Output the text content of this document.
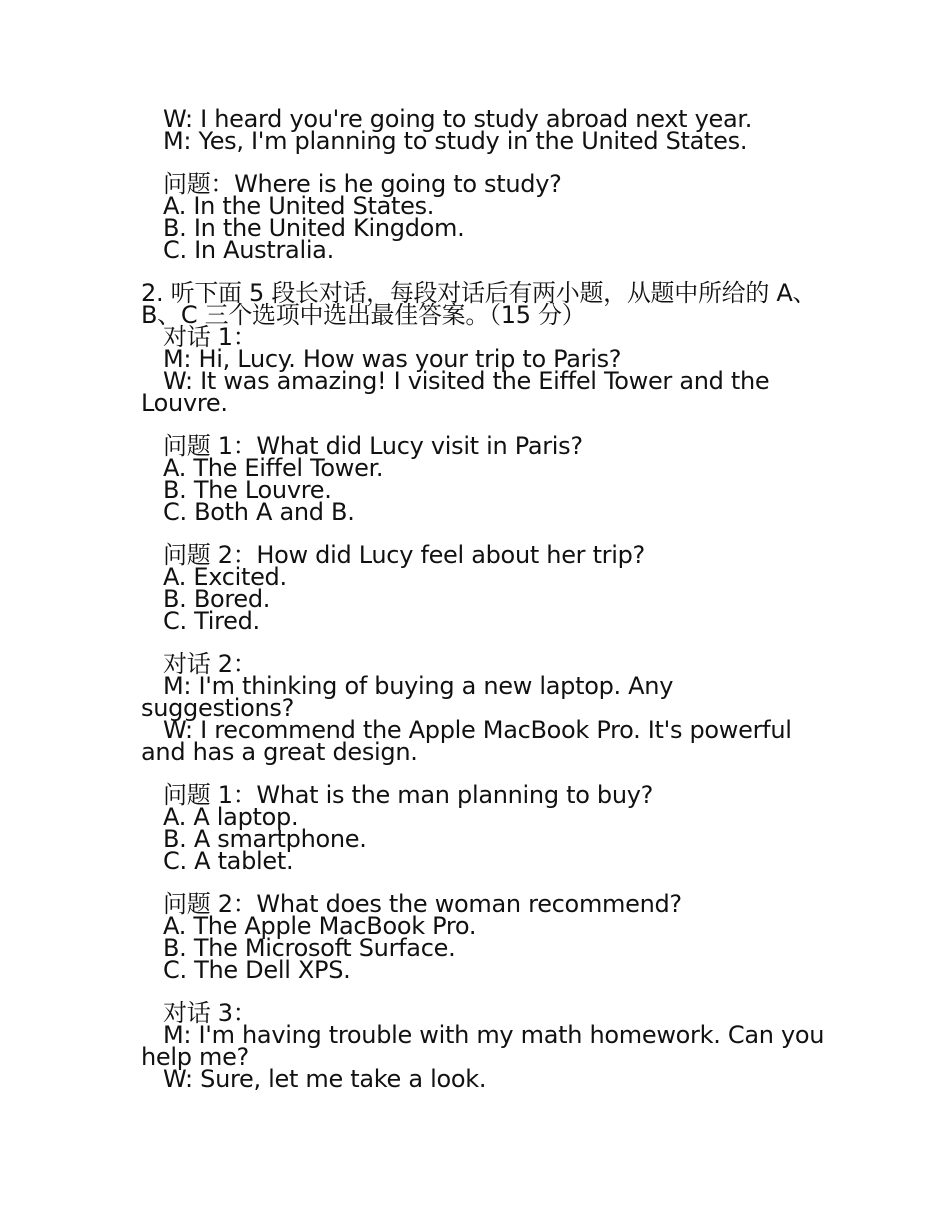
W: I heard you're going to study abroad next year.
M: Yes, I'm planning to study in the United States.
问题：Where is he going to study?
A. In the United States.
B. In the United Kingdom.
C. In Australia.
2. 听下面 5 段长对话，每段对话后有两小题，从题中所给的 A、B、C 三个选项中选出最佳答案。（15 分）
对话 1：
M: Hi, Lucy. How was your trip to Paris?
W: It was amazing! I visited the Eiffel Tower and the Louvre.
问题 1：What did Lucy visit in Paris?
A. The Eiffel Tower.
B. The Louvre.
C. Both A and B.
问题 2：How did Lucy feel about her trip?
A. Excited.
B. Bored.
C. Tired.
对话 2：
M: I'm thinking of buying a new laptop. Any suggestions?
W: I recommend the Apple MacBook Pro. It's powerful and has a great design.
问题 1：What is the man planning to buy?
A. A laptop.
B. A smartphone.
C. A tablet.
问题 2：What does the woman recommend?
A. The Apple MacBook Pro.
B. The Microsoft Surface.
C. The Dell XPS.
对话 3：
M: I'm having trouble with my math homework. Can you help me?
W: Sure, let me take a look.
